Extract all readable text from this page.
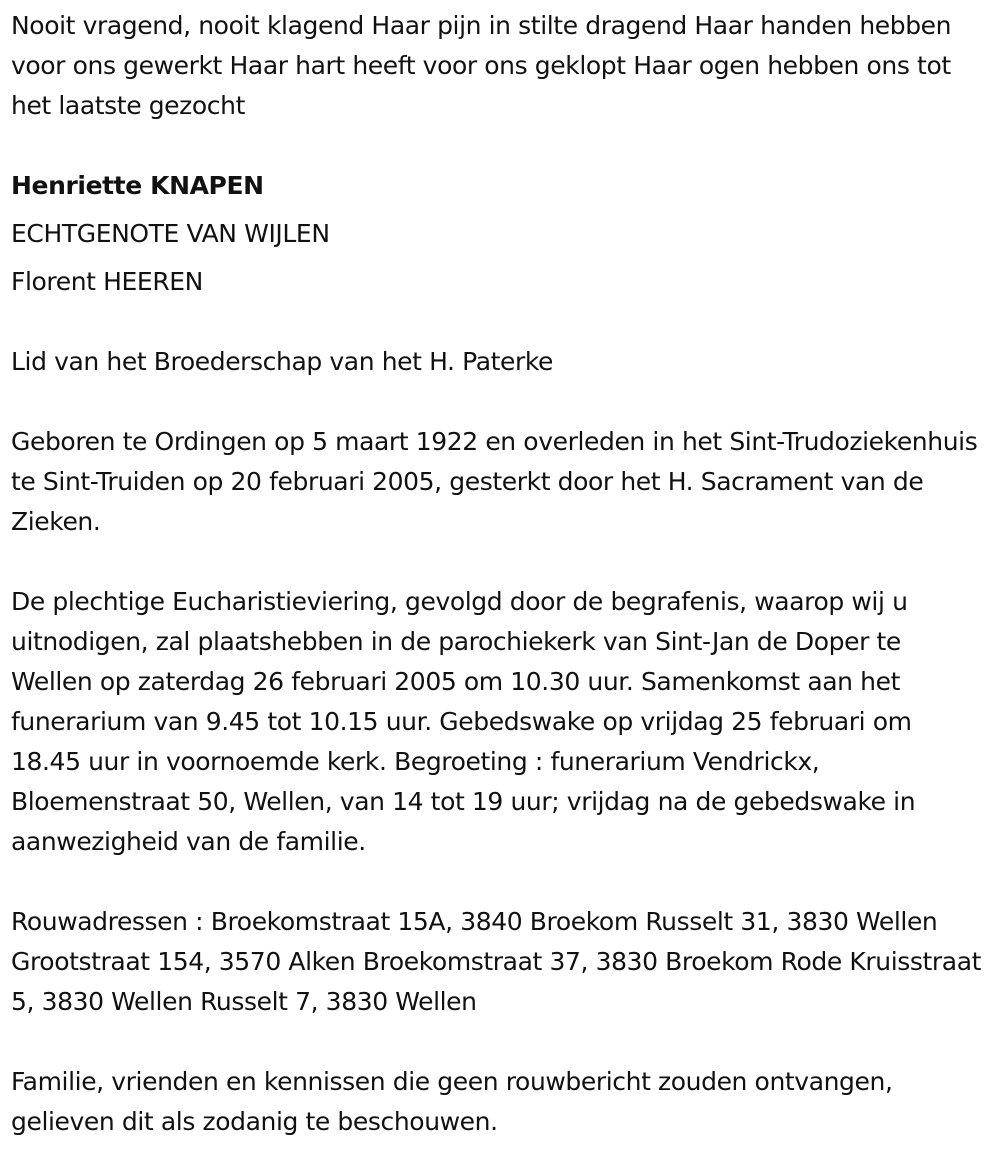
Nooit vragend, nooit klagend Haar pijn in stilte dragend Haar handen hebben voor ons gewerkt Haar hart heeft voor ons geklopt Haar ogen hebben ons tot het laatste gezocht

Henriette KNAPEN

ECHTGENOTE VAN WIJLEN

Florent HEEREN

Lid van het Broederschap van het H. Paterke

Geboren te Ordingen op 5 maart 1922 en overleden in het Sint-Trudoziekenhuis te Sint-Truiden op 20 februari 2005, gesterkt door het H. Sacrament van de Zieken.

De plechtige Eucharistieviering, gevolgd door de begrafenis, waarop wij u uitnodigen, zal plaatshebben in de parochiekerk van Sint-Jan de Doper te Wellen op zaterdag 26 februari 2005 om 10.30 uur. Samenkomst aan het funerarium van 9.45 tot 10.15 uur. Gebedswake op vrijdag 25 februari om 18.45 uur in voornoemde kerk. Begroeting : funerarium Vendrickx, Bloemenstraat 50, Wellen, van 14 tot 19 uur; vrijdag na de gebedswake in aanwezigheid van de familie.

Rouwadressen : Broekomstraat 15A, 3840 Broekom Russelt 31, 3830 Wellen Grootstraat 154, 3570 Alken Broekomstraat 37, 3830 Broekom Rode Kruisstraat 5, 3830 Wellen Russelt 7, 3830 Wellen

Familie, vrienden en kennissen die geen rouwbericht zouden ontvangen, gelieven dit als zodanig te beschouwen.
